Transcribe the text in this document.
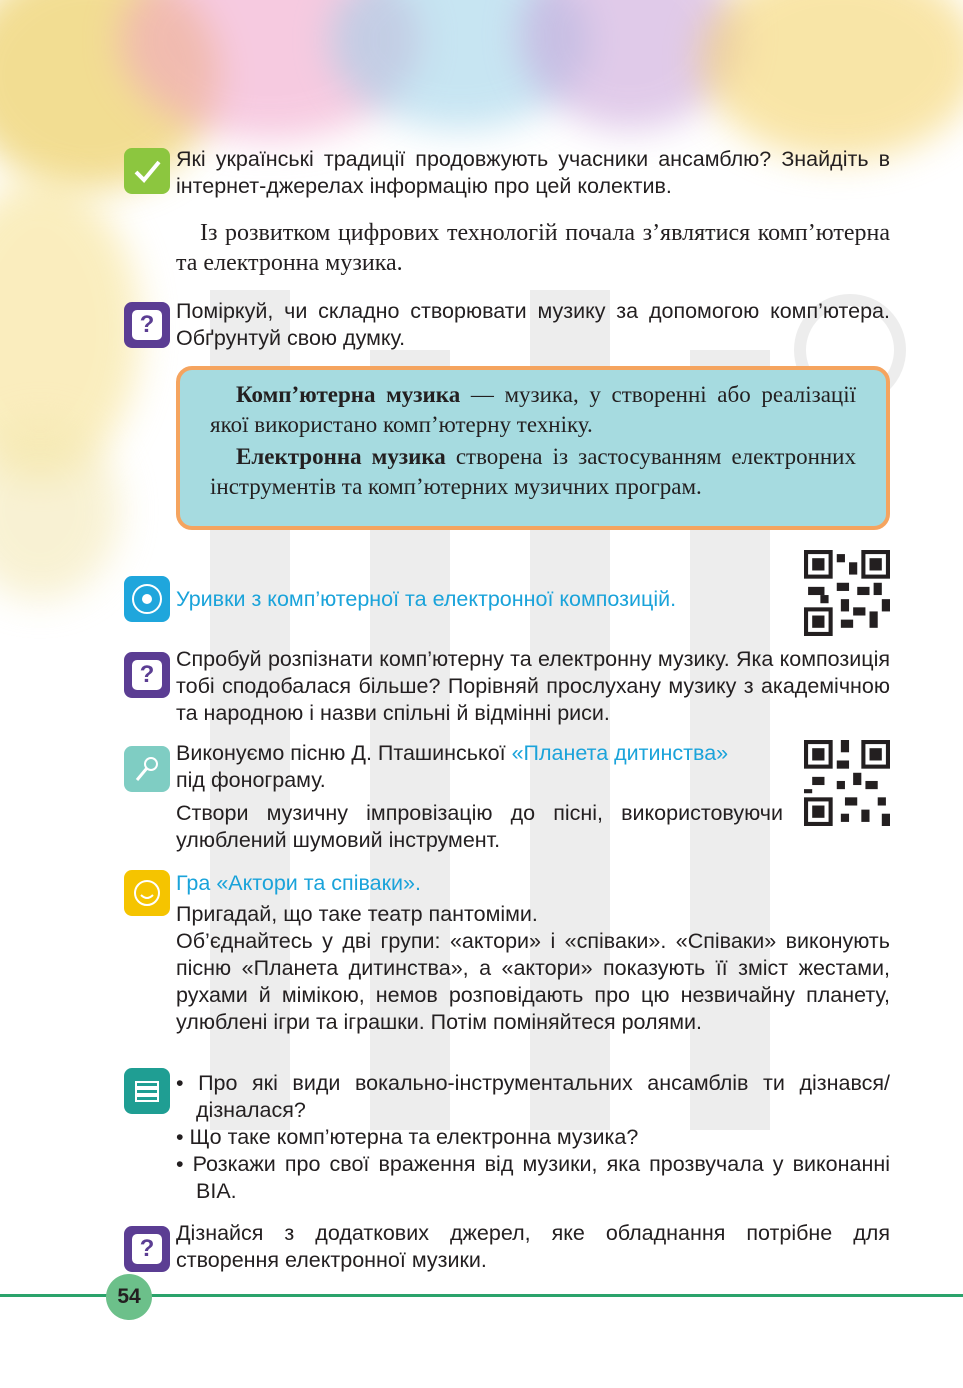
Які українські традиції продовжують учасники ансамблю? Знайдіть в інтернет-джерелах інформацію про цей колектив.
Із розвитком цифрових технологій почала з’являтися комп’ютерна та електронна музика.
?	Поміркуй, чи складно створювати музику за допомогою комп’ютера. Обґрунтуй свою думку.
Комп’ютерна музика — музика, у створенні або реалізації якої використано комп’ютерну техніку.
Електронна музика створена із застосуванням електронних інструментів та комп’ютерних музичних програм.
Уривки з комп’ютерної та електронної композицій.
?
Спробуй розпізнати комп’ютерну та електронну музику. Яка композиція тобі сподобалася більше? Порівняй прослухану музику з академічною та народною і назви спільні й відмінні риси.
Виконуємо пісню Д. Пташинської «Планета дитинства»
під фонограму.
Створи музичну імпровізацію до пісні, використовуючи улюблений шумовий інструмент.
Гра «Актори та співаки».
Пригадай, що таке театр пантоміми.
Об’єднайтесь у дві групи: «актори» і «співаки». «Співаки» виконують пісню «Планета дитинства», а «актори» показують її зміст жестами, рухами й мімікою, немов розповідають про цю незвичайну планету, улюблені ігри та іграшки. Потім поміняйтеся ролями.
• Про які види вокально-інструментальних ансамблів ти дізнався/дізналася?
• Що таке комп’ютерна та електронна музика?
• Розкажи про свої враження від музики, яка прозвучала у виконанні ВІА.
?
Дізнайся з додаткових джерел, яке обладнання потрібне для створення електронної музики.
54
